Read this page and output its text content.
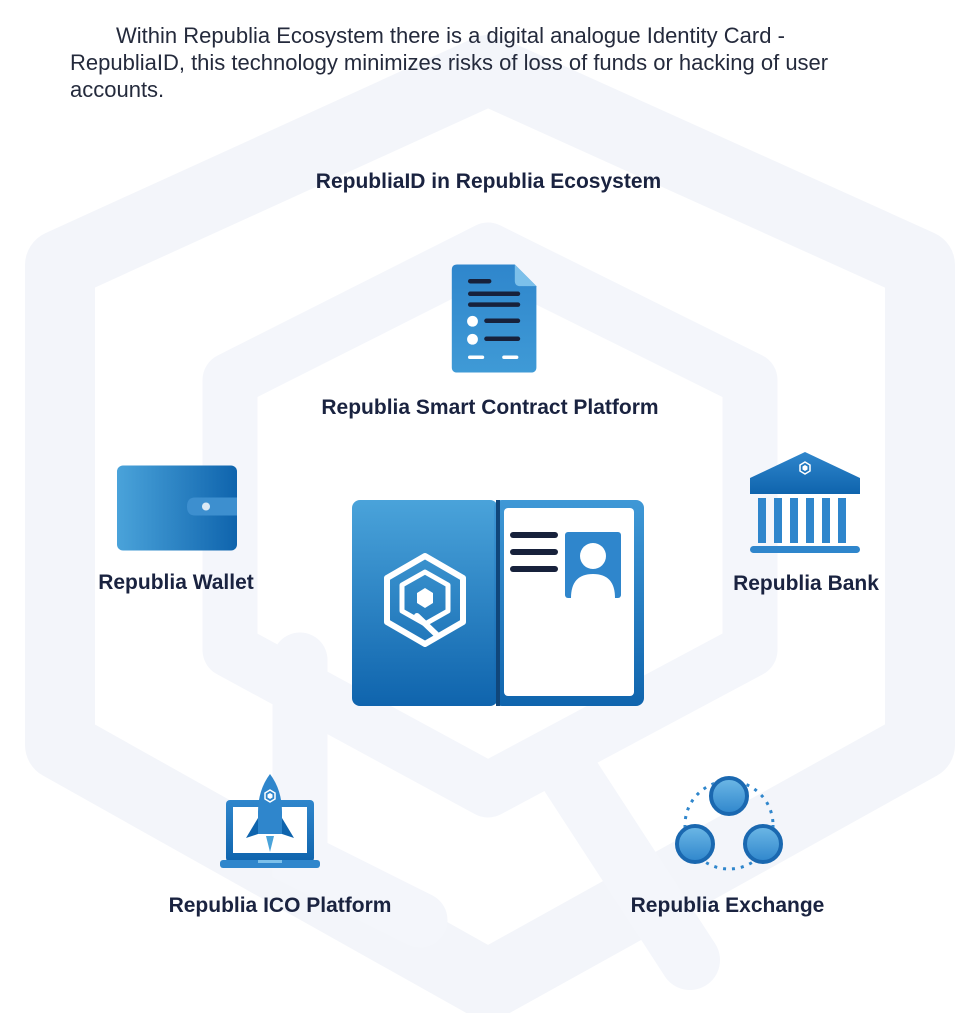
Within Republia Ecosystem there is a digital analogue Identity Card - RepubliaID, this technology minimizes risks of loss of funds or hacking of user accounts.

RepubliaID in Republia Ecosystem
Republia Smart Contract Platform
Republia Wallet	Republia Bank
Republia ICO Platform	Republia Exchange
